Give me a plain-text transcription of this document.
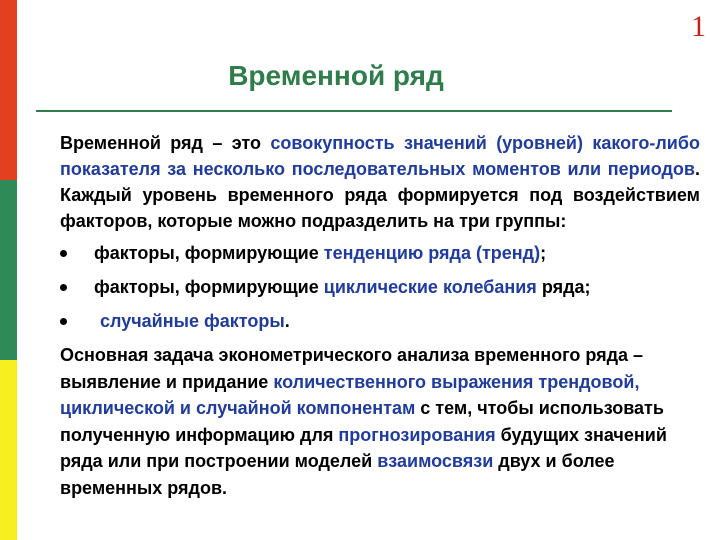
1
Временной ряд

Временной ряд – это совокупность значений (уровней) какого-либо показателя за несколько последовательных моментов или периодов. Каждый уровень временного ряда формируется под воздействием факторов, которые можно подразделить на три группы:

факторы, формирующие тенденцию ряда (тренд);
факторы, формирующие циклические колебания ряда;
случайные факторы.

Основная задача эконометрического анализа временного ряда – выявление и придание количественного выражения трендовой, циклической и случайной компонентам с тем, чтобы использовать полученную информацию для прогнозирования будущих значений ряда или при построении моделей взаимосвязи двух и более временных рядов.
